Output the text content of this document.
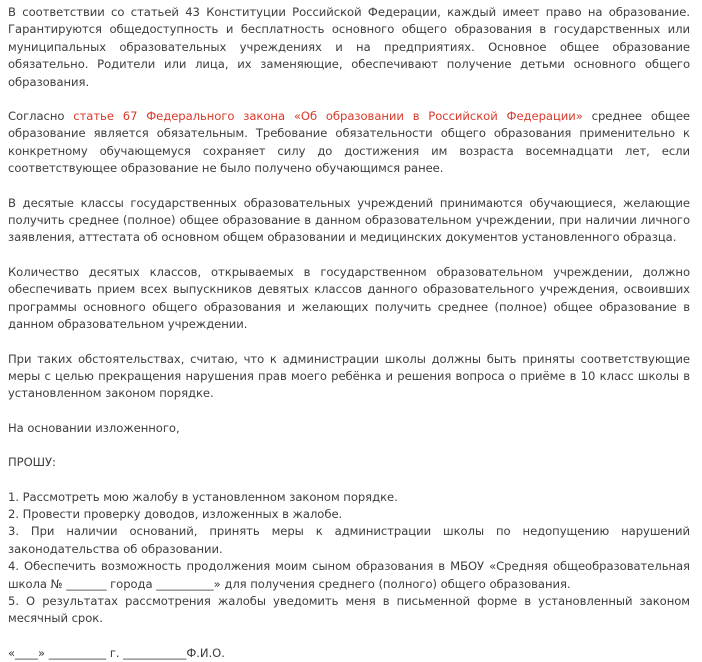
В соответствии со статьей 43 Конституции Российской Федерации, каждый имеет право на образование. Гарантируются общедоступность и бесплатность основного общего образования в государственных или муниципальных образовательных учреждениях и на предприятиях. Основное общее образование обязательно. Родители или лица, их заменяющие, обеспечивают получение детьми основного общего образования.

Согласно статье 67 Федерального закона «Об образовании в Российской Федерации» среднее общее образование является обязательным. Требование обязательности общего образования применительно к конкретному обучающемуся сохраняет силу до достижения им возраста восемнадцати лет, если соответствующее образование не было получено обучающимся ранее.

В десятые классы государственных образовательных учреждений принимаются обучающиеся, желающие получить среднее (полное) общее образование в данном образовательном учреждении, при наличии личного заявления, аттестата об основном общем образовании и медицинских документов установленного образца.

Количество десятых классов, открываемых в государственном образовательном учреждении, должно обеспечивать прием всех выпускников девятых классов данного образовательного учреждения, освоивших программы основного общего образования и желающих получить среднее (полное) общее образование в данном образовательном учреждении.

При таких обстоятельствах, считаю, что к администрации школы должны быть приняты соответствующие меры с целью прекращения нарушения прав моего ребёнка и решения вопроса о приёме в 10 класс школы в установленном законом порядке.

На основании изложенного,

ПРОШУ:

1. Рассмотреть мою жалобу в установленном законом порядке.

2. Провести проверку доводов, изложенных в жалобе.

3. При наличии оснований, принять меры к администрации школы по недопущению нарушений законодательства об образовании.

4. Обеспечить возможность продолжения моим сыном образования в МБОУ «Средняя общеобразовательная школа № _______ города __________» для получения среднего (полного) общего образования.

5. О результатах рассмотрения жалобы уведомить меня в письменной форме в установленный законом месячный срок.

«____» __________ г. ___________Ф.И.О.
